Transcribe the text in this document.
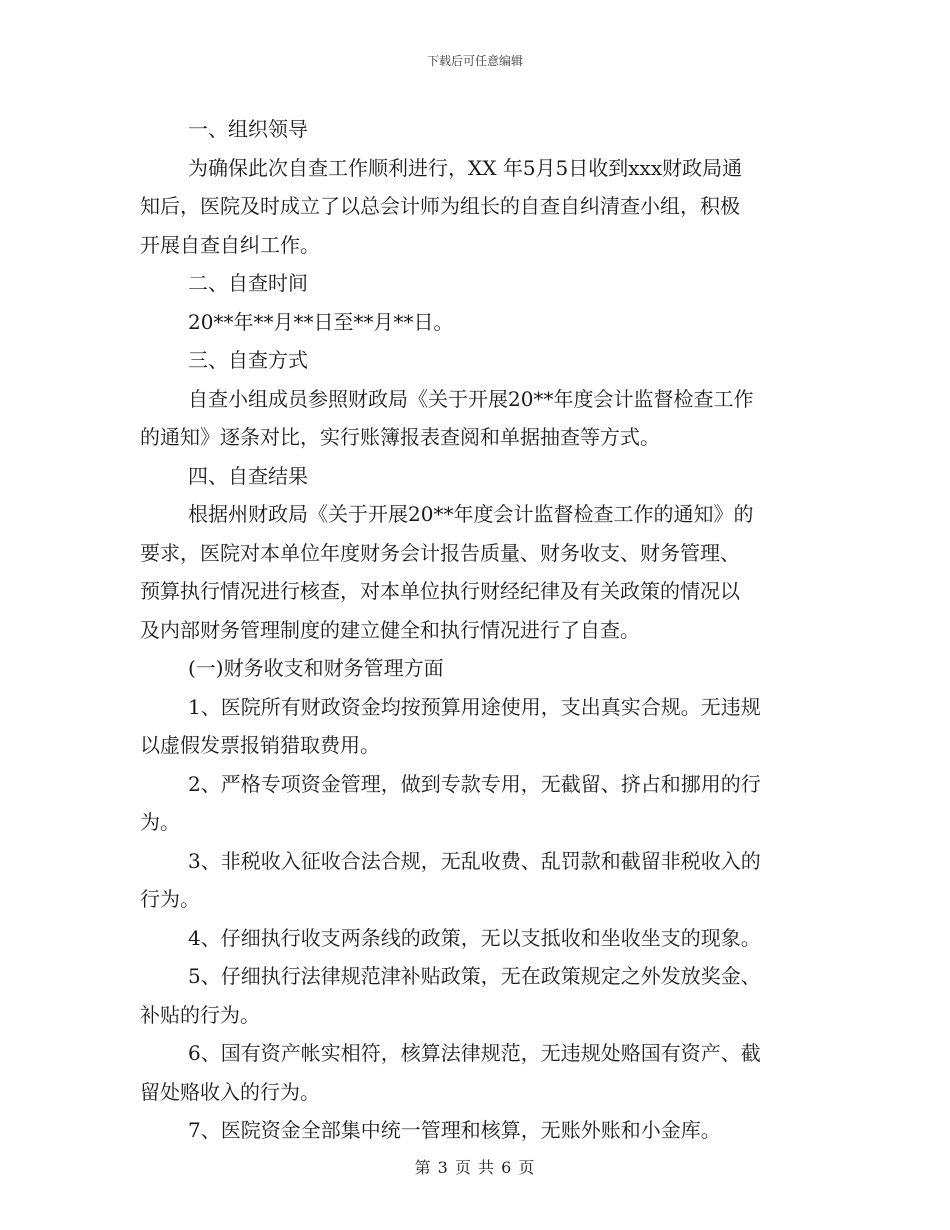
下载后可任意编辑

一、组织领导

为确保此次自查工作顺利进行，XX 年5月5日收到xxx财政局通

知后，医院及时成立了以总会计师为组长的自查自纠清查小组，积极

开展自查自纠工作。

二、自查时间

20**年**月**日至**月**日。

三、自查方式

自查小组成员参照财政局《关于开展20**年度会计监督检查工作

的通知》逐条对比，实行账簿报表查阅和单据抽查等方式。

四、自查结果

根据州财政局《关于开展20**年度会计监督检查工作的通知》的

要求，医院对本单位年度财务会计报告质量、财务收支、财务管理、

预算执行情况进行核查，对本单位执行财经纪律及有关政策的情况以

及内部财务管理制度的建立健全和执行情况进行了自查。

(一)财务收支和财务管理方面

1、医院所有财政资金均按预算用途使用，支出真实合规。无违规

以虚假发票报销猎取费用。

2、严格专项资金管理，做到专款专用，无截留、挤占和挪用的行

为。

3、非税收入征收合法合规，无乱收费、乱罚款和截留非税收入的

行为。

4、仔细执行收支两条线的政策，无以支抵收和坐收坐支的现象。

5、仔细执行法律规范津补贴政策，无在政策规定之外发放奖金、

补贴的行为。

6、国有资产帐实相符，核算法律规范，无违规处赂国有资产、截

留处赂收入的行为。

7、医院资金全部集中统一管理和核算，无账外账和小金库。

第 3 页 共 6 页
